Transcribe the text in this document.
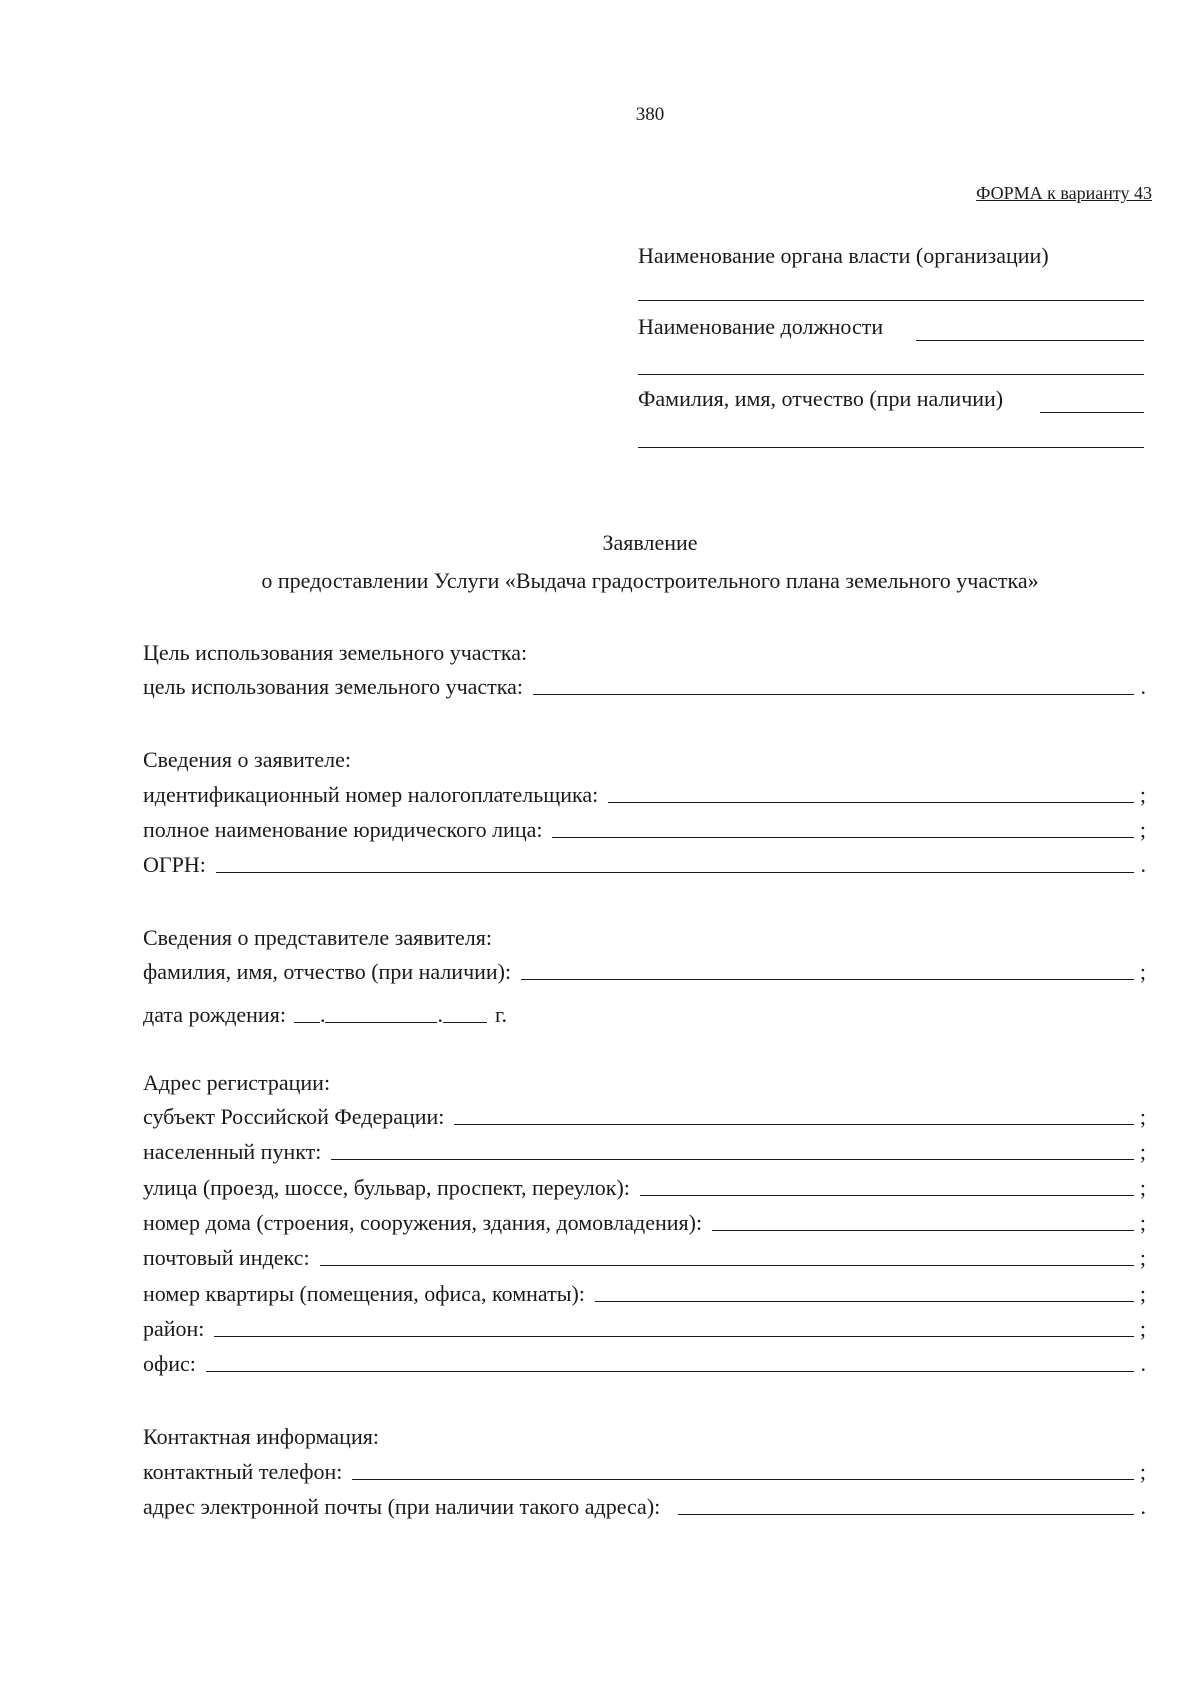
380
ФОРМА к варианту 43
Наименование органа власти (организации)
Наименование должности
Фамилия, имя, отчество (при наличии)
Заявление
о предоставлении Услуги «Выдача градостроительного плана земельного участка»
Цель использования земельного участка:
цель использования земельного участка:	.
Сведения о заявителе:
идентификационный номер налогоплательщика:	;
полное наименование юридического лица:	;
ОГРН:	.
Сведения о представителе заявителя:
фамилия, имя, отчество (при наличии):	;
дата рождения: .	. г.
Адрес регистрации:
субъект Российской Федерации:	;
населенный пункт:	;
улица (проезд, шоссе, бульвар, проспект, переулок):	;
номер дома (строения, сооружения, здания, домовладения):	;
почтовый индекс:	;
номер квартиры (помещения, офиса, комнаты):	;
район:	;
офис:	.
Контактная информация:
контактный телефон:	;
адрес электронной почты (при наличии такого адреса):	.
